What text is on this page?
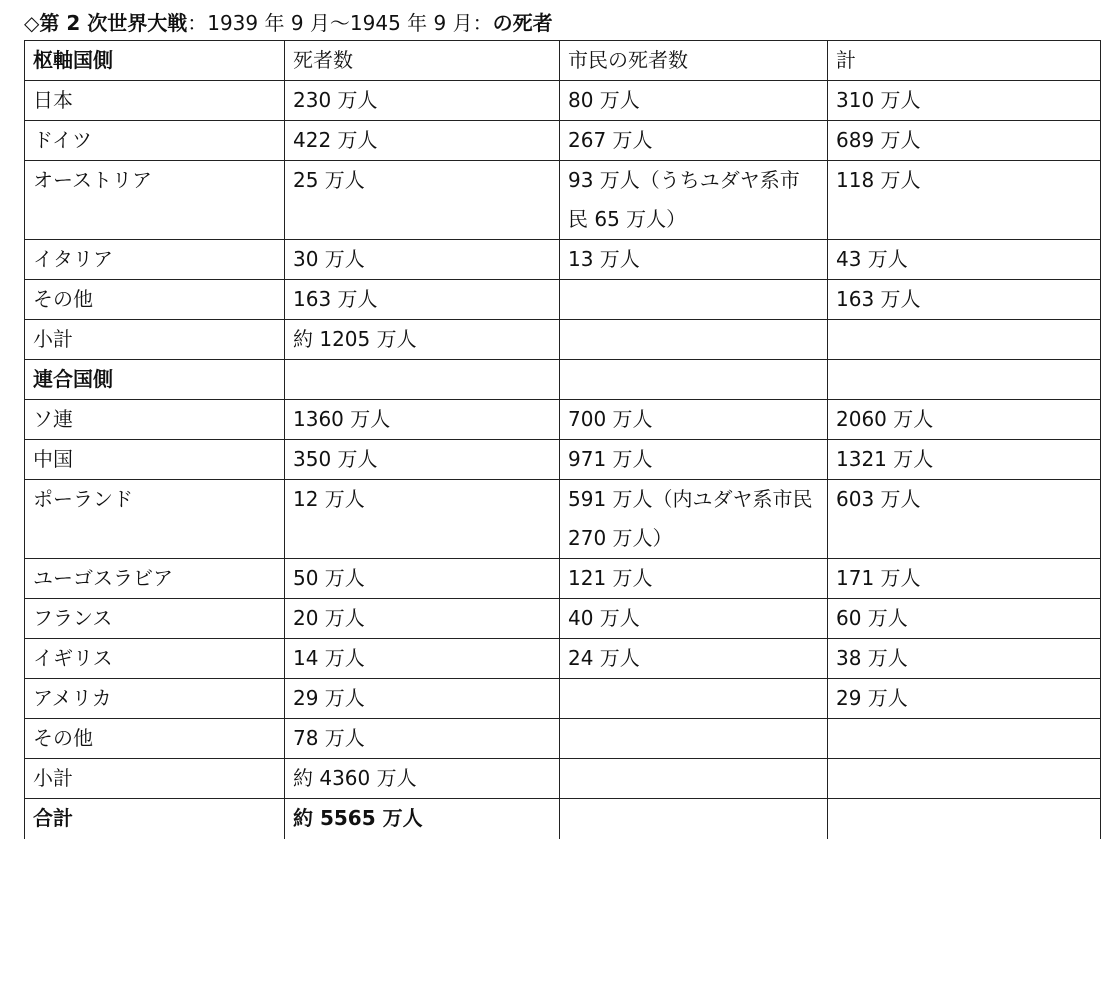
◇第 2 次世界大戦：1939 年 9 月～1945 年 9 月：の死者
枢軸国側	死者数	市民の死者数	計
日本	230 万人	80 万人	310 万人
ドイツ	422 万人	267 万人	689 万人
オーストリア	25 万人	93 万人（うちユダヤ系市民 65 万人）	118 万人
イタリア	30 万人	13 万人	43 万人
その他	163 万人		163 万人
小計	約 1205 万人		
連合国側			
ソ連	1360 万人	700 万人	2060 万人
中国	350 万人	971 万人	1321 万人
ポーランド	12 万人	591 万人（内ユダヤ系市民 270 万人）	603 万人
ユーゴスラビア	50 万人	121 万人	171 万人
フランス	20 万人	40 万人	60 万人
イギリス	14 万人	24 万人	38 万人
アメリカ	29 万人		29 万人
その他	78 万人		
小計	約 4360 万人		
合計	約 5565 万人		
